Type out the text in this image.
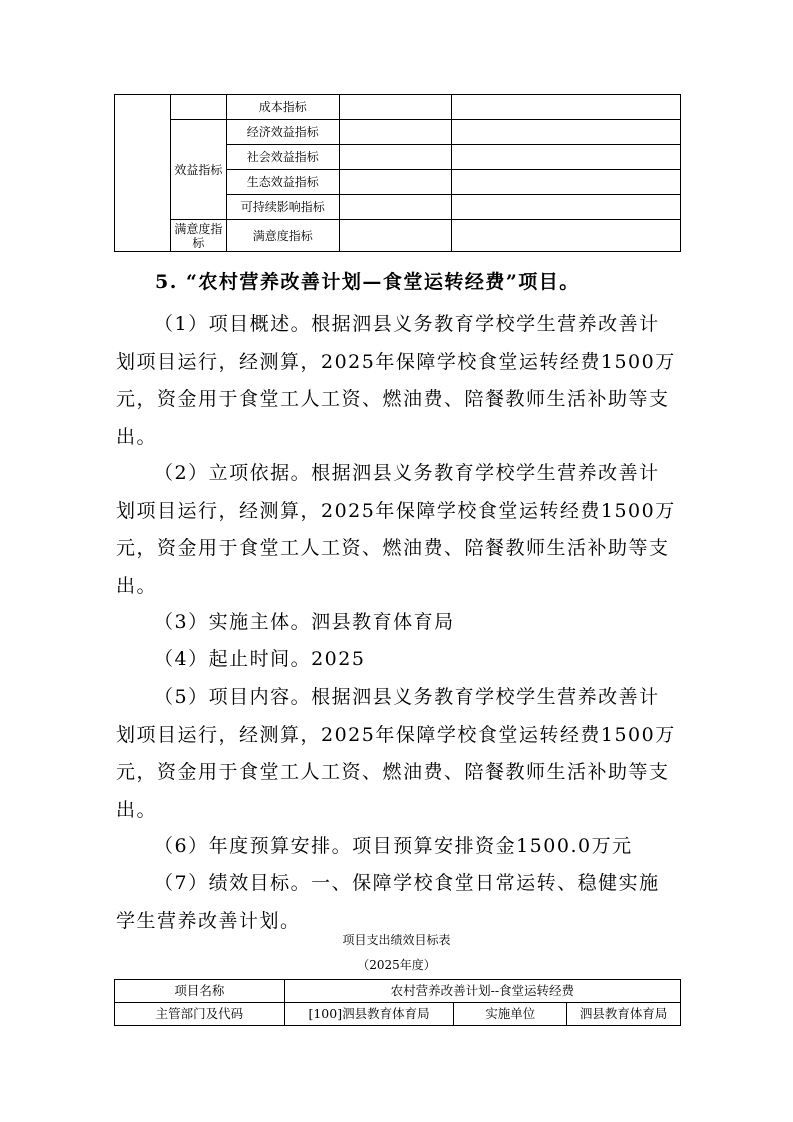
		成本指标		
	效益指标	经济效益指标		
		社会效益指标		
		生态效益指标		
		可持续影响指标		
	满意度指标	满意度指标		
5. “农村营养改善计划—食堂运转经费”项目。
（1）项目概述。根据泗县义务教育学校学生营养改善计划项目运行，经测算，2025年保障学校食堂运转经费1500万元，资金用于食堂工人工资、燃油费、陪餐教师生活补助等支出。
（2）立项依据。根据泗县义务教育学校学生营养改善计划项目运行，经测算，2025年保障学校食堂运转经费1500万元，资金用于食堂工人工资、燃油费、陪餐教师生活补助等支出。
（3）实施主体。泗县教育体育局
（4）起止时间。2025
（5）项目内容。根据泗县义务教育学校学生营养改善计划项目运行，经测算，2025年保障学校食堂运转经费1500万元，资金用于食堂工人工资、燃油费、陪餐教师生活补助等支出。
（6）年度预算安排。项目预算安排资金1500.0万元
（7）绩效目标。一、保障学校食堂日常运转、稳健实施学生营养改善计划。
项目支出绩效目标表
（2025年度）
项目名称	农村营养改善计划--食堂运转经费		
主管部门及代码	[100]泗县教育体育局	实施单位	泗县教育体育局
